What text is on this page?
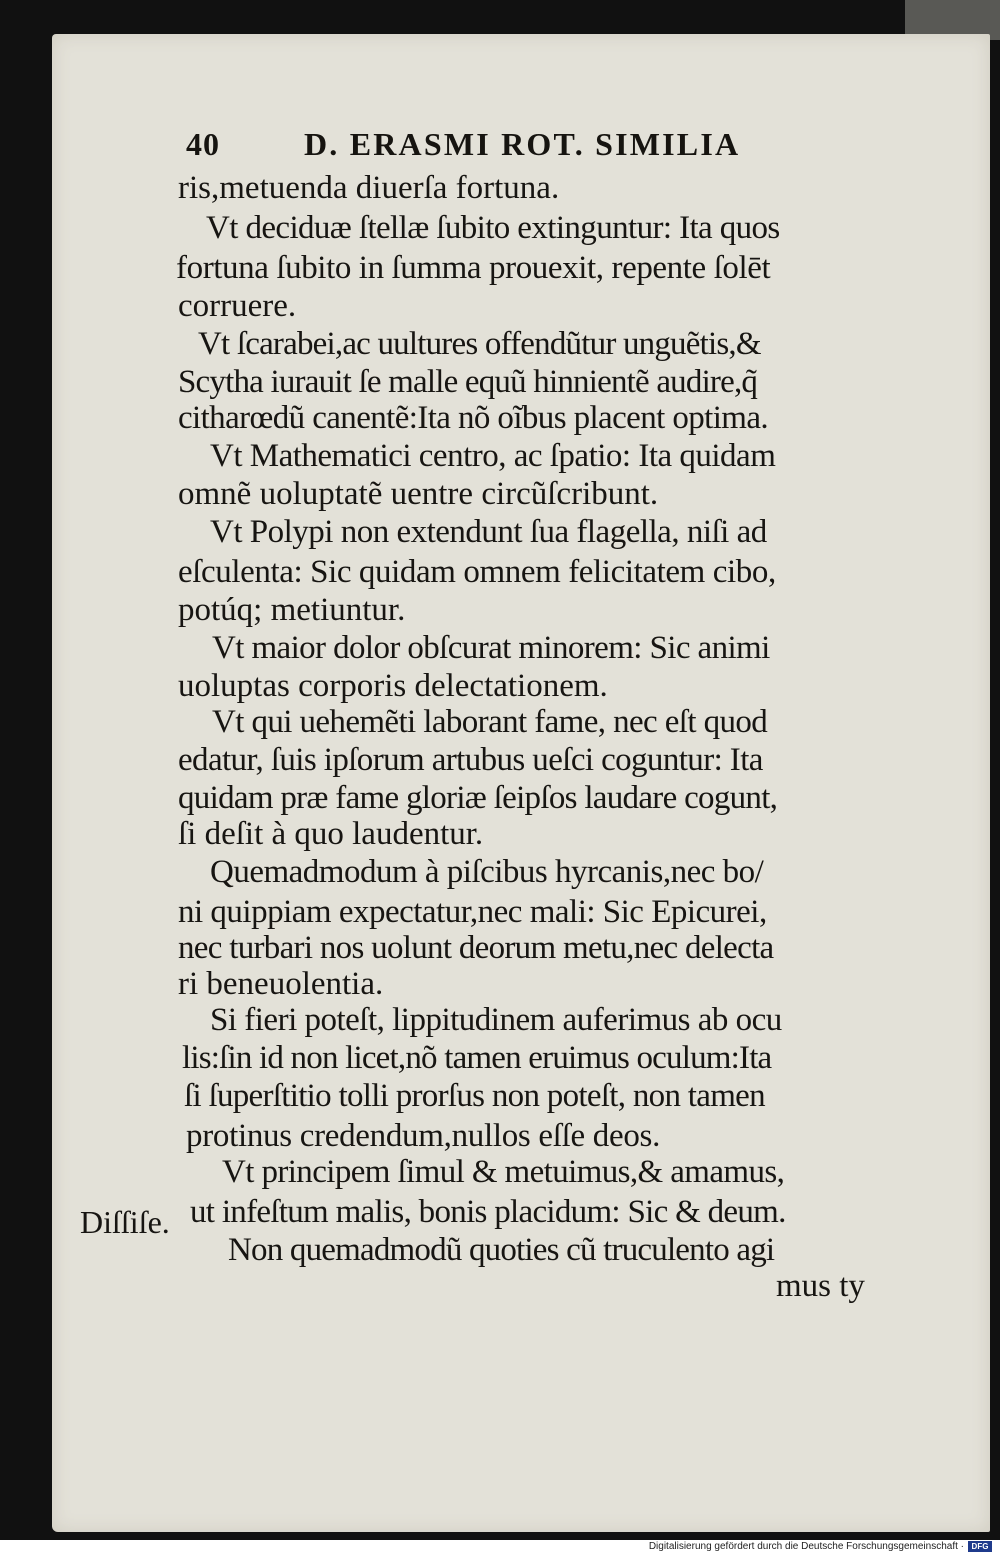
40	D. ERASMI ROT. SIMILIA
ris,metuenda diuerſa fortuna.
Vt deciduæ ſtellæ ſubito extinguntur: Ita quos
fortuna ſubito in ſumma prouexit, repente ſolēt
corruere.
Vt ſcarabei,ac uultures offendũtur unguẽtis,&
Scytha iurauit ſe malle equũ hinnientẽ audire,q̃
citharœdũ canentẽ:Ita nõ oĩbus placent optima.
Vt Mathematici centro, ac ſpatio: Ita quidam
omnẽ uoluptatẽ uentre circũſcribunt.
Vt Polypi non extendunt ſua flagella, niſi ad
eſculenta: Sic quidam omnem felicitatem cibo,
potúq; metiuntur.
Vt maior dolor obſcurat minorem: Sic animi
uoluptas corporis delectationem.
Vt qui uehemẽti laborant fame, nec eſt quod
edatur, ſuis ipſorum artubus ueſci coguntur: Ita
quidam præ fame gloriæ ſeipſos laudare cogunt,
ſi deſit à quo laudentur.
Quemadmodum à piſcibus hyrcanis,nec bo/
ni quippiam expectatur,nec mali: Sic Epicurei,
nec turbari nos uolunt deorum metu,nec delecta
ri beneuolentia.
Si fieri poteſt, lippitudinem auferimus ab ocu
lis:ſin id non licet,nõ tamen eruimus oculum:Ita
ſi ſuperſtitio tolli prorſus non poteſt, non tamen
protinus credendum,nullos eſſe deos.
Vt principem ſimul & metuimus,& amamus,
ut infeſtum malis, bonis placidum: Sic & deum.
Non quemadmodũ quoties cũ truculento agi
mus ty
Diſſiſe.
Digitalisierung gefördert durch die Deutsche Forschungsgemeinschaft · DFG
